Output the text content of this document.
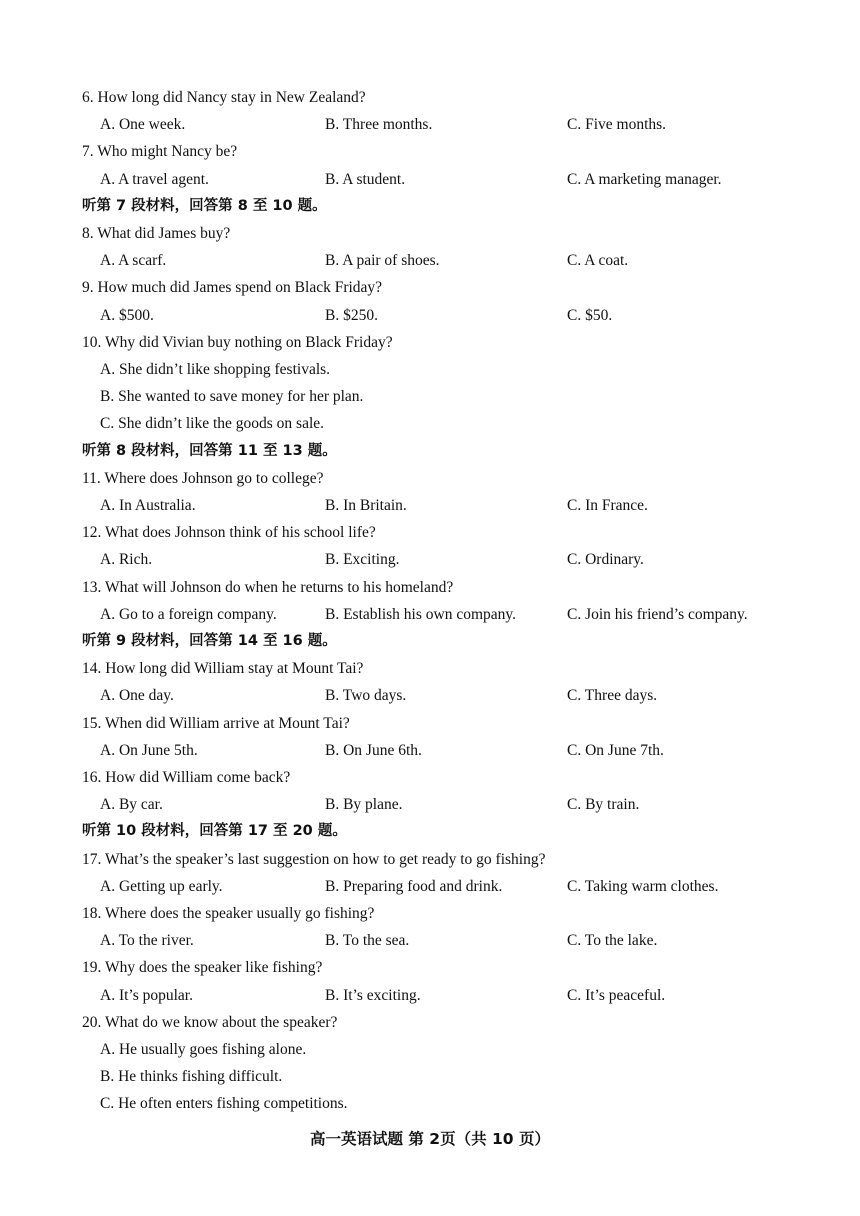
6. How long did Nancy stay in New Zealand?
A. One week.	B. Three months.	C. Five months.
7. Who might Nancy be?
A. A travel agent.	B. A student.	C. A marketing manager.
听第 7 段材料，回答第 8 至 10 题。
8. What did James buy?
A. A scarf.	B. A pair of shoes.	C. A coat.
9. How much did James spend on Black Friday?
A. $500.	B. $250.	C. $50.
10. Why did Vivian buy nothing on Black Friday?
A. She didn’t like shopping festivals.
B. She wanted to save money for her plan.
C. She didn’t like the goods on sale.
听第 8 段材料，回答第 11 至 13 题。
11. Where does Johnson go to college?
A. In Australia.	B. In Britain.	C. In France.
12. What does Johnson think of his school life?
A. Rich.	B. Exciting.	C. Ordinary.
13. What will Johnson do when he returns to his homeland?
A. Go to a foreign company.	B. Establish his own company.	C. Join his friend’s company.
听第 9 段材料，回答第 14 至 16 题。
14. How long did William stay at Mount Tai?
A. One day.	B. Two days.	C. Three days.
15. When did William arrive at Mount Tai?
A. On June 5th.	B. On June 6th.	C. On June 7th.
16. How did William come back?
A. By car.	B. By plane.	C. By train.
听第 10 段材料，回答第 17 至 20 题。
17. What’s the speaker’s last suggestion on how to get ready to go fishing?
A. Getting up early.	B. Preparing food and drink.	C. Taking warm clothes.
18. Where does the speaker usually go fishing?
A. To the river.	B. To the sea.	C. To the lake.
19. Why does the speaker like fishing?
A. It’s popular.	B. It’s exciting.	C. It’s peaceful.
20. What do we know about the speaker?
A. He usually goes fishing alone.
B. He thinks fishing difficult.
C. He often enters fishing competitions.
高一英语试题 第 2页（共 10 页）
